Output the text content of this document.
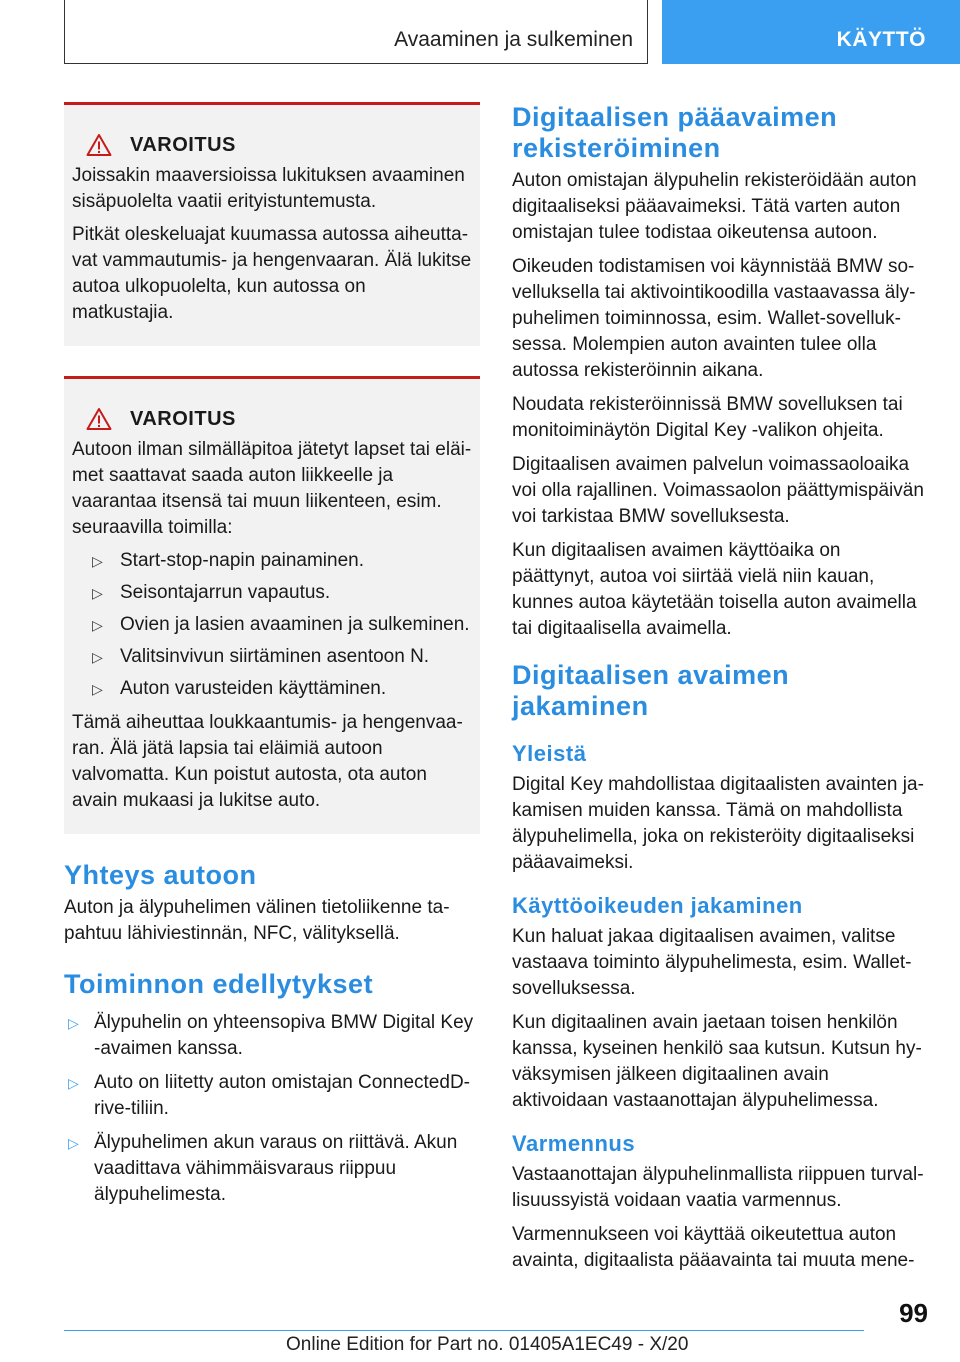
Avaaminen ja sulkeminen	KÄYTTÖ
VAROITUS

Joissakin maaversioissa lukituksen avaaminen sisäpuolelta vaatii erityistuntemusta.

Pitkät oleskeluajat kuumassa autossa aiheuttavat vammautumis- ja hengenvaaran. Älä lukitse autoa ulkopuolelta, kun autossa on matkustajia.

VAROITUS

Autoon ilman silmälläpitoa jätetyt lapset tai eläimet saattavat saada auton liikkeelle ja vaarantaa itsensä tai muun liikenteen, esim. seuraavilla toimilla:

▷ Start-stop-napin painaminen.
▷ Seisontajarrun vapautus.
▷ Ovien ja lasien avaaminen ja sulkeminen.
▷ Valitsinvivun siirtäminen asentoon N.
▷ Auton varusteiden käyttäminen.

Tämä aiheuttaa loukkaantumis- ja hengenvaaran. Älä jätä lapsia tai eläimiä autoon valvomatta. Kun poistut autosta, ota auton avain mukaasi ja lukitse auto.

Yhteys autoon

Auton ja älypuhelimen välinen tietoliikenne tapahtuu lähiviestinnän, NFC, välityksellä.

Toiminnon edellytykset
▷ Älypuhelin on yhteensopiva BMW Digital Key -avaimen kanssa.
▷ Auto on liitetty auton omistajan ConnectedDrive-tiliin.
▷ Älypuhelimen akun varaus on riittävä. Akun vaadittava vähimmäisvaraus riippuu älypuhelimesta.
Digitaalisen pääavaimen rekisteröiminen

Auton omistajan älypuhelin rekisteröidään auton digitaaliseksi pääavaimeksi. Tätä varten auton omistajan tulee todistaa oikeutensa autoon.

Oikeuden todistamisen voi käynnistää BMW sovelluksella tai aktivointikoodilla vastaavassa älypuhelimen toiminnossa, esim. Wallet-sovelluksessa. Molempien auton avainten tulee olla autossa rekisteröinnin aikana.

Noudata rekisteröinnissä BMW sovelluksen tai monitoiminäytön Digital Key -valikon ohjeita.

Digitaalisen avaimen palvelun voimassaoloaika voi olla rajallinen. Voimassaolon päättymispäivän voi tarkistaa BMW sovelluksesta.

Kun digitaalisen avaimen käyttöaika on päättynyt, autoa voi siirtää vielä niin kauan, kunnes autoa käytetään toisella auton avaimella tai digitaalisella avaimella.

Digitaalisen avaimen jakaminen
Yleistä

Digital Key mahdollistaa digitaalisten avainten jakamisen muiden kanssa. Tämä on mahdollista älypuhelimella, joka on rekisteröity digitaaliseksi pääavaimeksi.

Käyttöoikeuden jakaminen

Kun haluat jakaa digitaalisen avaimen, valitse vastaava toiminto älypuhelimesta, esim. Wallet-sovelluksessa.

Kun digitaalinen avain jaetaan toisen henkilön kanssa, kyseinen henkilö saa kutsun. Kutsun hyväksymisen jälkeen digitaalinen avain aktivoidaan vastaanottajan älypuhelimessa.

Varmennus

Vastaanottajan älypuhelinmallista riippuen turvallisuussyistä voidaan vaatia varmennus.

Varmennukseen voi käyttää oikeutettua auton avainta, digitaalista pääavainta tai muuta mene-

99
Online Edition for Part no. 01405A1EC49 - X/20
